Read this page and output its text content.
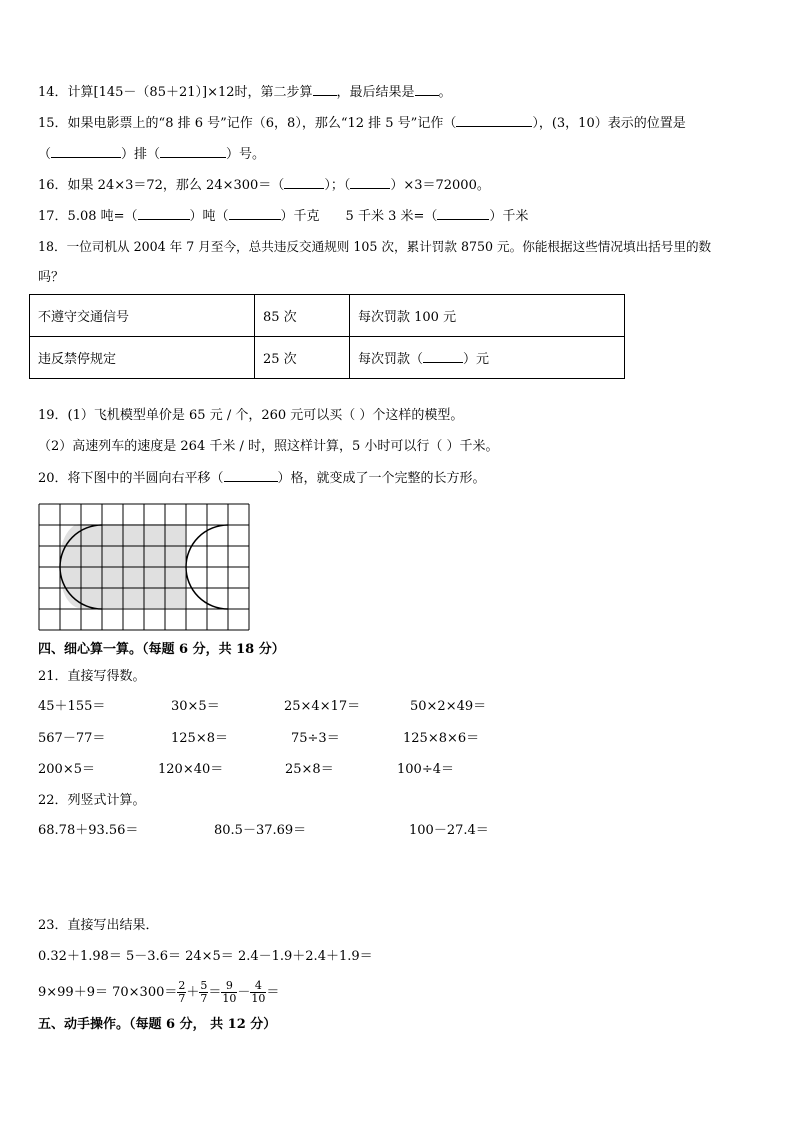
14．计算[145－（85＋21）]×12时，第二步算 ，最后结果是 。
15．如果电影票上的“8 排 6 号”记作（6，8），那么“12 排 5 号”记作（	），(3，10）表示的位置是
（	）排（	）号。
16．如果 24×3＝72，那么 24×300＝（	）；（	）×3＝72000。
17．5.08 吨=（	）吨（	）千克 5 千米 3 米=（	）千米
18．一位司机从 2004 年 7 月至今，总共违反交通规则 105 次，累计罚款 8750 元。你能根据这些情况填出括号里的数
吗？
不遵守交通信号	85 次	每次罚款 100 元
违反禁停规定	25 次	每次罚款（ ）元
19．(1）飞机模型单价是 65 元 / 个，260 元可以买（ ）个这样的模型。
（2）高速列车的速度是 264 千米 / 时，照这样计算，5 小时可以行（ ）千米。
20．将下图中的半圆向右平移（	）格，就变成了一个完整的长方形。
四、细心算一算。（每题 6 分，共 18 分）
21．直接写得数。
45＋155＝	30×5＝	25×4×17＝	50×2×49＝
567－77＝	125×8＝	75÷3＝	125×8×6＝
200×5＝	120×40＝	25×8＝	100÷4＝
22．列竖式计算。
68.78＋93.56＝	80.5－37.69＝	100－27.4＝
23．直接写出结果．
0.32＋1.98＝ 5－3.6＝ 24×5＝ 2.4－1.9＋2.4＋1.9＝
$9\times 99+9= 70\times 300= \frac{2}{7} + \frac{5}{7} = \frac{9}{10} - \frac{4}{10}$ ＝
五、动手操作。（每题 6 分， 共 12 分）
